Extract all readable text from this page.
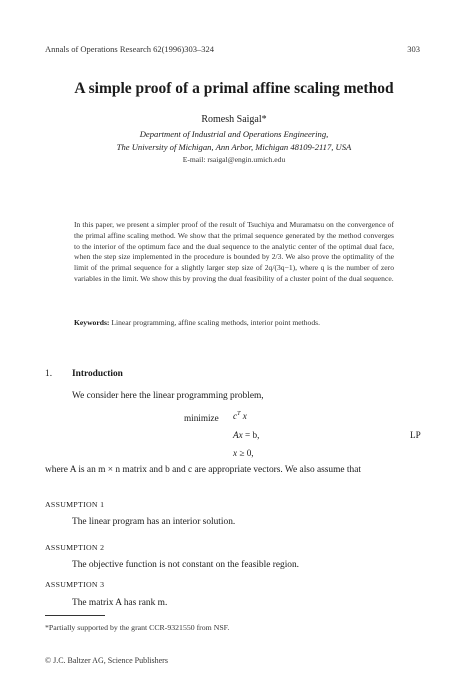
Annals of Operations Research 62(1996)303–324	303
A simple proof of a primal affine scaling method
Romesh Saigal*
Department of Industrial and Operations Engineering,
The University of Michigan, Ann Arbor, Michigan 48109-2117, USA
E-mail: rsaigal@engin.umich.edu
In this paper, we present a simpler proof of the result of Tsuchiya and Muramatsu on the convergence of the primal affine scaling method. We show that the primal sequence generated by the method converges to the interior of the optimum face and the dual sequence to the analytic center of the optimal dual face, when the step size implemented in the procedure is bounded by 2/3. We also prove the optimality of the limit of the primal sequence for a slightly larger step size of 2q/(3q−1), where q is the number of zero variables in the limit. We show this by proving the dual feasibility of a cluster point of the dual sequence.
Keywords: Linear programming, affine scaling methods, interior point methods.
1. Introduction
We consider here the linear programming problem,
minimize $c^T$ x
Ax = b,
x ≥ 0,
LP
where A is an m × n matrix and b and c are appropriate vectors. We also assume that
ASSUMPTION 1
The linear program has an interior solution.
ASSUMPTION 2
The objective function is not constant on the feasible region.
ASSUMPTION 3
The matrix A has rank m.
*Partially supported by the grant CCR-9321550 from NSF.
© J.C. Baltzer AG, Science Publishers
